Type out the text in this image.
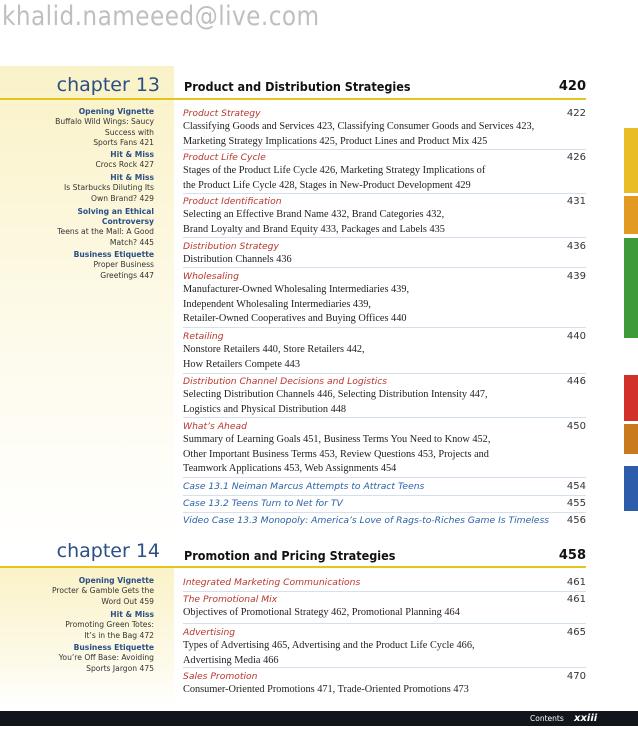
khalid.nameeed@live.com
chapter 13 Product and Distribution Strategies	420
Opening Vignette
Buffalo Wild Wings: Saucy
Success with
Sports Fans 421
Hit & Miss
Crocs Rock 427
Hit & Miss
Is Starbucks Diluting Its
Own Brand? 429
Solving an Ethical
Controversy
Teens at the Mall: A Good
Match? 445
Business Etiquette
Proper Business
Greetings 447
Product Strategy	422
Classifying Goods and Services 423, Classifying Consumer Goods and Services 423,
Marketing Strategy Implications 425, Product Lines and Product Mix 425
Product Life Cycle	426
Stages of the Product Life Cycle 426, Marketing Strategy Implications of
the Product Life Cycle 428, Stages in New-Product Development 429
Product Identification	431
Selecting an Effective Brand Name 432, Brand Categories 432,
Brand Loyalty and Brand Equity 433, Packages and Labels 435
Distribution Strategy	436
Distribution Channels 436
Wholesaling	439
Manufacturer-Owned Wholesaling Intermediaries 439,
Independent Wholesaling Intermediaries 439,
Retailer-Owned Cooperatives and Buying Offices 440
Retailing	440
Nonstore Retailers 440, Store Retailers 442,
How Retailers Compete 443
Distribution Channel Decisions and Logistics	446
Selecting Distribution Channels 446, Selecting Distribution Intensity 447,
Logistics and Physical Distribution 448
What’s Ahead	450
Summary of Learning Goals 451, Business Terms You Need to Know 452,
Other Important Business Terms 453, Review Questions 453, Projects and
Teamwork Applications 453, Web Assignments 454
Case 13.1 Neiman Marcus Attempts to Attract Teens	454
Case 13.2 Teens Turn to Net for TV	455
Video Case 13.3 Monopoly: America’s Love of Rags-to-Riches Game Is Timeless	456
chapter 14 Promotion and Pricing Strategies	458
Opening Vignette
Procter & Gamble Gets the
Word Out 459
Hit & Miss
Promoting Green Totes:
It’s in the Bag 472
Business Etiquette
You’re Off Base: Avoiding
Sports Jargon 475
Integrated Marketing Communications	461
The Promotional Mix	461
Objectives of Promotional Strategy 462, Promotional Planning 464
Advertising	465
Types of Advertising 465, Advertising and the Product Life Cycle 466,
Advertising Media 466
Sales Promotion	470
Consumer-Oriented Promotions 471, Trade-Oriented Promotions 473
Contents xxiii
